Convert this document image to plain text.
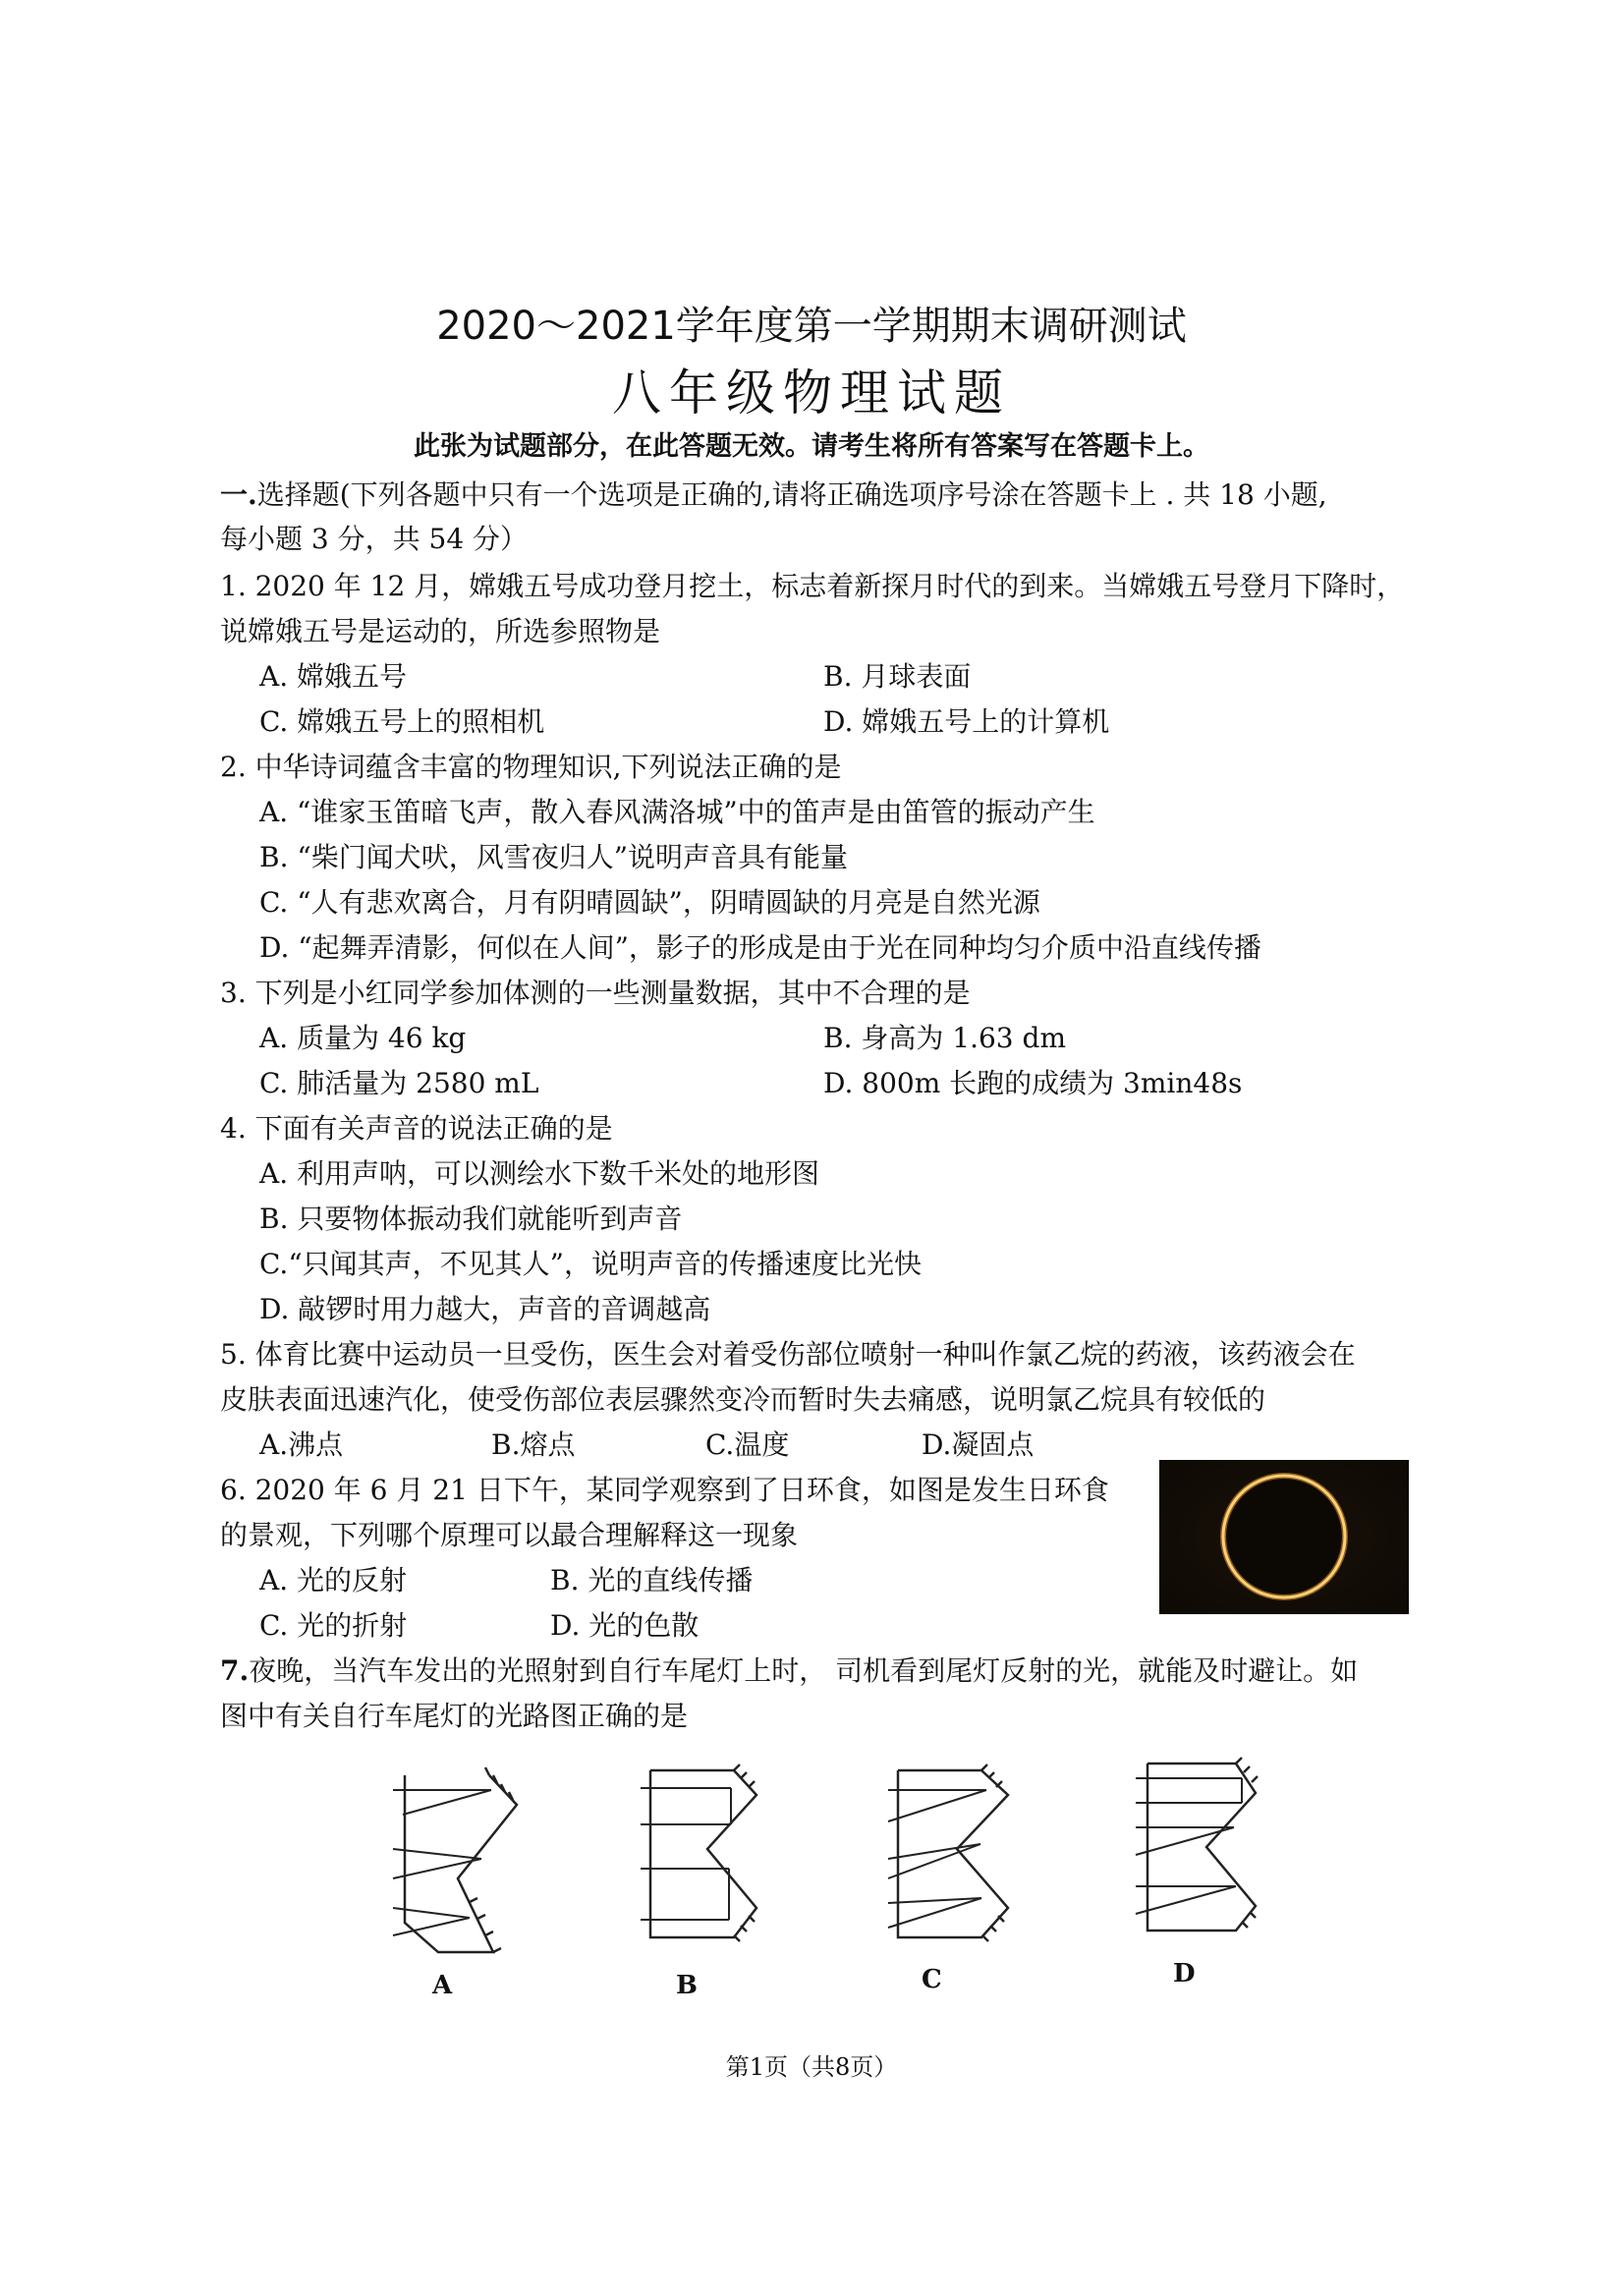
2020～2021学年度第一学期期末调研测试
八年级物理试题
此张为试题部分，在此答题无效。请考生将所有答案写在答题卡上。
一.选择题(下列各题中只有一个选项是正确的,请将正确选项序号涂在答题卡上 . 共 18 小题,
每小题 3 分，共 54 分）
1. 2020 年 12 月，嫦娥五号成功登月挖土，标志着新探月时代的到来。当嫦娥五号登月下降时，
说嫦娥五号是运动的，所选参照物是
A. 嫦娥五号	B. 月球表面
C. 嫦娥五号上的照相机	D. 嫦娥五号上的计算机
2. 中华诗词蕴含丰富的物理知识,下列说法正确的是
A. “谁家玉笛暗飞声，散入春风满洛城”中的笛声是由笛管的振动产生
B. “柴门闻犬吠，风雪夜归人”说明声音具有能量
C. “人有悲欢离合，月有阴晴圆缺”，阴晴圆缺的月亮是自然光源
D. “起舞弄清影，何似在人间”，影子的形成是由于光在同种均匀介质中沿直线传播
3. 下列是小红同学参加体测的一些测量数据，其中不合理的是
A. 质量为 46 kg	B. 身高为 1.63 dm
C. 肺活量为 2580 mL	D. 800m 长跑的成绩为 3min48s
4. 下面有关声音的说法正确的是
A. 利用声呐，可以测绘水下数千米处的地形图
B. 只要物体振动我们就能听到声音
C.“只闻其声，不见其人”，说明声音的传播速度比光快
D. 敲锣时用力越大，声音的音调越高
5. 体育比赛中运动员一旦受伤，医生会对着受伤部位喷射一种叫作氯乙烷的药液，该药液会在
皮肤表面迅速汽化，使受伤部位表层骤然变冷而暂时失去痛感，说明氯乙烷具有较低的
A.沸点	B.熔点	C.温度	D.凝固点
6. 2020 年 6 月 21 日下午，某同学观察到了日环食，如图是发生日环食
的景观，下列哪个原理可以最合理解释这一现象
A. 光的反射	B. 光的直线传播
C. 光的折射	D. 光的色散
7.夜晚，当汽车发出的光照射到自行车尾灯上时， 司机看到尾灯反射的光，就能及时避让。如
图中有关自行车尾灯的光路图正确的是
A	B	C	D
第1页（共8页）
